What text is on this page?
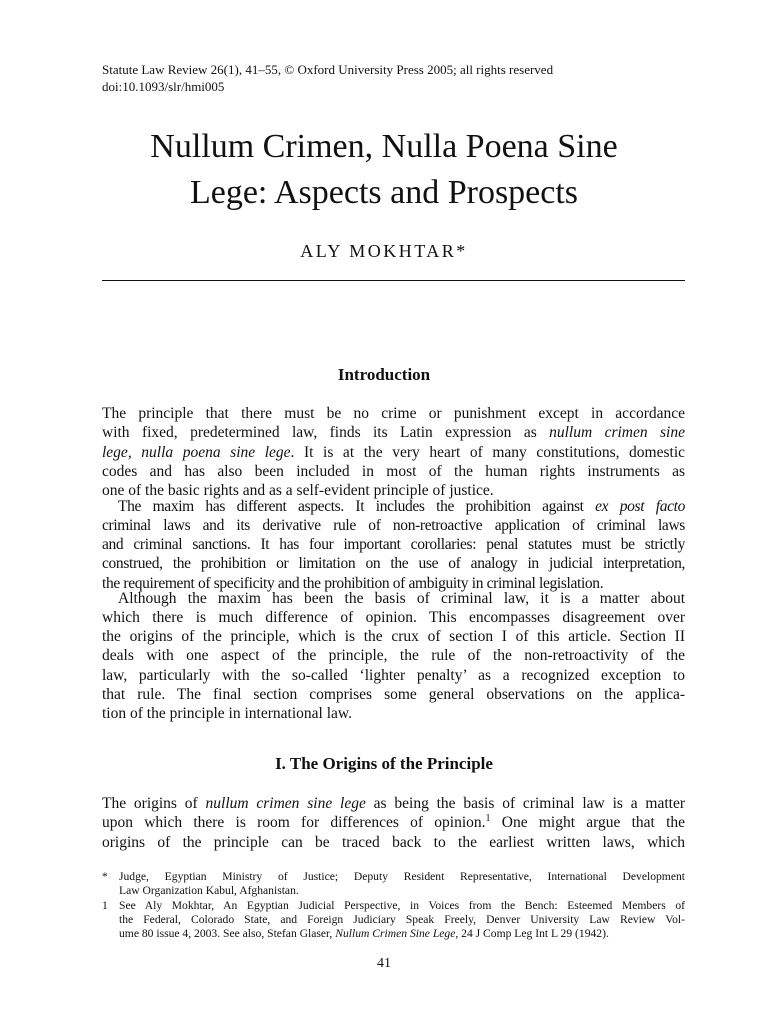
Statute Law Review 26(1), 41–55, © Oxford University Press 2005; all rights reserved
doi:10.1093/slr/hmi005
Nullum Crimen, Nulla Poena Sine
Lege: Aspects and Prospects
ALY MOKHTAR*
Introduction
The principle that there must be no crime or punishment except in accordance
with fixed, predetermined law, finds its Latin expression as nullum crimen sine
lege, nulla poena sine lege. It is at the very heart of many constitutions, domestic
codes and has also been included in most of the human rights instruments as
one of the basic rights and as a self-evident principle of justice.
The maxim has different aspects. It includes the prohibition against ex post facto
criminal laws and its derivative rule of non-retroactive application of criminal laws
and criminal sanctions. It has four important corollaries: penal statutes must be strictly
construed, the prohibition or limitation on the use of analogy in judicial interpretation,
the requirement of specificity and the prohibition of ambiguity in criminal legislation.
Although the maxim has been the basis of criminal law, it is a matter about
which there is much difference of opinion. This encompasses disagreement over
the origins of the principle, which is the crux of section I of this article. Section II
deals with one aspect of the principle, the rule of the non-retroactivity of the
law, particularly with the so-called ‘lighter penalty’ as a recognized exception to
that rule. The final section comprises some general observations on the applica-
tion of the principle in international law.
I. The Origins of the Principle
The origins of nullum crimen sine lege as being the basis of criminal law is a matter
upon which there is room for differences of opinion.$^1$ One might argue that the
origins of the principle can be traced back to the earliest written laws, which
* Judge, Egyptian Ministry of Justice; Deputy Resident Representative, International Development
Law Organization Kabul, Afghanistan.
1 See Aly Mokhtar, An Egyptian Judicial Perspective, in Voices from the Bench: Esteemed Members of
the Federal, Colorado State, and Foreign Judiciary Speak Freely, Denver University Law Review Vol-
ume 80 issue 4, 2003. See also, Stefan Glaser, Nullum Crimen Sine Lege, 24 J Comp Leg Int L 29 (1942).
41
